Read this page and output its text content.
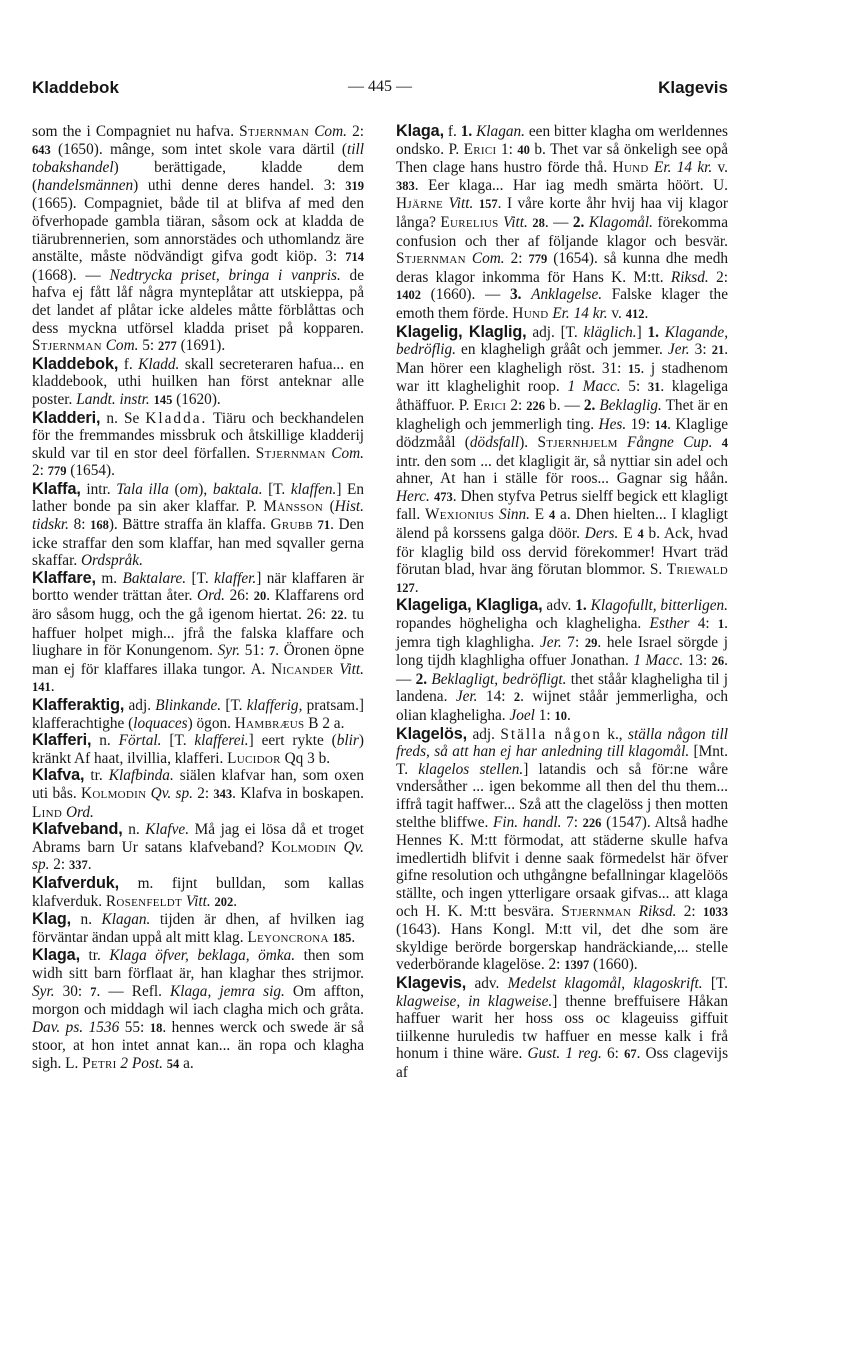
Kladdebok	— 445 —	Klagevis

som the i Compagniet nu hafva. Stjernman Com. 2: 643 (1650). mânge, som intet skole vara därtil (till tobakshandel) berättigade, kladde dem (handelsmännen) uthi denne deres handel. 3: 319 (1665). Compagniet, både til at blifva af med den öfverhopade gambla tiäran, såsom ock at kladda de tiärubrennerien, som annorstädes och uthomlandz äre anstälte, måste nödvändigt gifva godt kiöp. 3: 714 (1668). — Nedtrycka priset, bringa i vanpris. de hafva ej fått låf några mynteplåtar att utskieppa, på det landet af plåtar icke aldeles måtte förblåttas och dess myckna utförsel kladda priset på kopparen. Stjernman Com. 5: 277 (1691).

Kladdebok, f. Kladd. skall secreteraren hafua... en kladdebook, uthi huilken han först anteknar alle poster. Landt. instr. 145 (1620).

Kladderi, n. Se Kladda. Tiäru och beckhandelen för the fremmandes missbruk och åtskillige kladderij skuld var til en stor deel förfallen. Stjernman Com. 2: 779 (1654).

Klaffa, intr. Tala illa (om), baktala. [T. klaffen.] En lather bonde pa sin aker klaffar. P. Månsson (Hist. tidskr. 8: 168). Bättre straffa än klaffa. Grubb 71. Den icke straffar den som klaffar, han med sqvaller gerna skaffar. Ordspråk.

Klaffare, m. Baktalare. [T. klaffer.] när klaffaren är bortto wender trättan åter. Ord. 26: 20. Klaffarens ord äro såsom hugg, och the gå igenom hiertat. 26: 22. tu haffuer holpet migh... jfrå the falska klaffare och liughare in för Konungenom. Syr. 51: 7. Öronen öpne man ej för klaffares illaka tungor. A. Nicander Vitt. 141.

Klafferaktig, adj. Blinkande. [T. klafferig, pratsam.] klafferachtighe (loquaces) ögon. Hambræus B 2 a.

Klafferi, n. Förtal. [T. klafferei.] eert rykte (blir) kränkt Af haat, ilvillia, klafferi. Lucidor Qq 3 b.

Klafva, tr. Klafbinda. siälen klafvar han, som oxen uti bås. Kolmodin Qv. sp. 2: 343. Klafva in boskapen. Lind Ord.

Klafveband, n. Klafve. Må jag ei lösa då et troget Abrams barn Ur satans klafveband? Kolmodin Qv. sp. 2: 337.

Klafverduk, m. fijnt bulldan, som kallas klafverduk. Rosenfeldt Vitt. 202.

Klag, n. Klagan. tijden är dhen, af hvilken iag förväntar ändan uppå alt mitt klag. Leyoncrona 185.

Klaga, tr. Klaga öfver, beklaga, ömka. then som widh sitt barn förflaat är, han klaghar thes strijmor. Syr. 30: 7. — Refl. Klaga, jemra sig. Om affton, morgon och middagh wil iach clagha mich och gråta. Dav. ps. 1536 55: 18. hennes werck och swede är så stoor, at hon intet annat kan... än ropa och klagha sigh. L. Petri 2 Post. 54 a.

Klaga, f. 1. Klagan. een bitter klagha om werldennes ondsko. P. Erici 1: 40 b. Thet var så önkeligh see opå Then clage hans hustro förde thå. Hund Er. 14 kr. v. 383. Eer klaga... Har iag medh smärta höört. U. Hjärne Vitt. 157. I våre korte åhr hvij haa vij klagor långa? Eurelius Vitt. 28. — 2. Klagomål. förekomma confusion och ther af följande klagor och besvär. Stjernman Com. 2: 779 (1654). så kunna dhe medh deras klagor inkomma för Hans K. M:tt. Riksd. 2: 1402 (1660). — 3. Anklagelse. Falske klager the emoth them förde. Hund Er. 14 kr. v. 412.

Klagelig, Klaglig, adj. [T. kläglich.] 1. Klagande, bedröflig. en klagheligh gråât och jemmer. Jer. 3: 21. Man hörer een klagheligh röst. 31: 15. j stadhenom war itt klaghelighit roop. 1 Macc. 5: 31. klageliga åthäffuor. P. Erici 2: 226 b. — 2. Beklaglig. Thet är en klagheligh och jemmerligh ting. Hes. 19: 14. Klaglige dödzmåål (dödsfall). Stjernhjelm Fångne Cup. 4 intr. den som ... det klagligit är, så nyttiar sin adel och ahner, At han i ställe för roos... Gagnar sig håån. Herc. 473. Dhen styfva Petrus sielff begick ett klagligt fall. Wexionius Sinn. E 4 a. Dhen hielten... I klagligt älend på korssens galga döör. Ders. E 4 b. Ack, hvad för klaglig bild oss dervid förekommer! Hvart träd förutan blad, hvar äng förutan blommor. S. Triewald 127.

Klageliga, Klagliga, adv. 1. Klagofullt, bitterligen. ropandes högheligha och klagheligha. Esther 4: 1. jemra tigh klaghligha. Jer. 7: 29. hele Israel sörgde j long tijdh klaghligha offuer Jonathan. 1 Macc. 13: 26. — 2. Beklagligt, bedröfligt. thet ståår klagheligha til j landena. Jer. 14: 2. wijnet ståår jemmerligha, och olian klagheligha. Joel 1: 10.

Klagelös, adj. Ställa någon k., ställa någon till freds, så att han ej har anledning till klagomål. [Mnt. T. klagelos stellen.] latandis och så för:ne wåre vndersåther ... igen bekomme all then del thu them... iffrå tagit haffwer... Szå att the clagelöss j then motten stelthe bliffwe. Fin. handl. 7: 226 (1547). Altså hadhe Hennes K. M:tt förmodat, att städerne skulle hafva imedlertidh blifvit i denne saak förmedelst här öfver gifne resolution och uthgångne befallningar klagelöös ställte, och ingen ytterligare orsaak gifvas... att klaga och H. K. M:tt besvära. Stjernman Riksd. 2: 1033 (1643). Hans Kongl. M:tt vil, det dhe som äre skyldige berörde borgerskap handräckiande,... stelle vederbörande klagelöse. 2: 1397 (1660).

Klagevis, adv. Medelst klagomål, klagoskrift. [T. klagweise, in klagweise.] thenne breffuisere Håkan haffuer warit her hoss oss oc klageuiss giffuit tiilkenne huruledis tw haffuer en messe kalk i frå honum i thine wäre. Gust. 1 reg. 6: 67. Oss clagevijs af
